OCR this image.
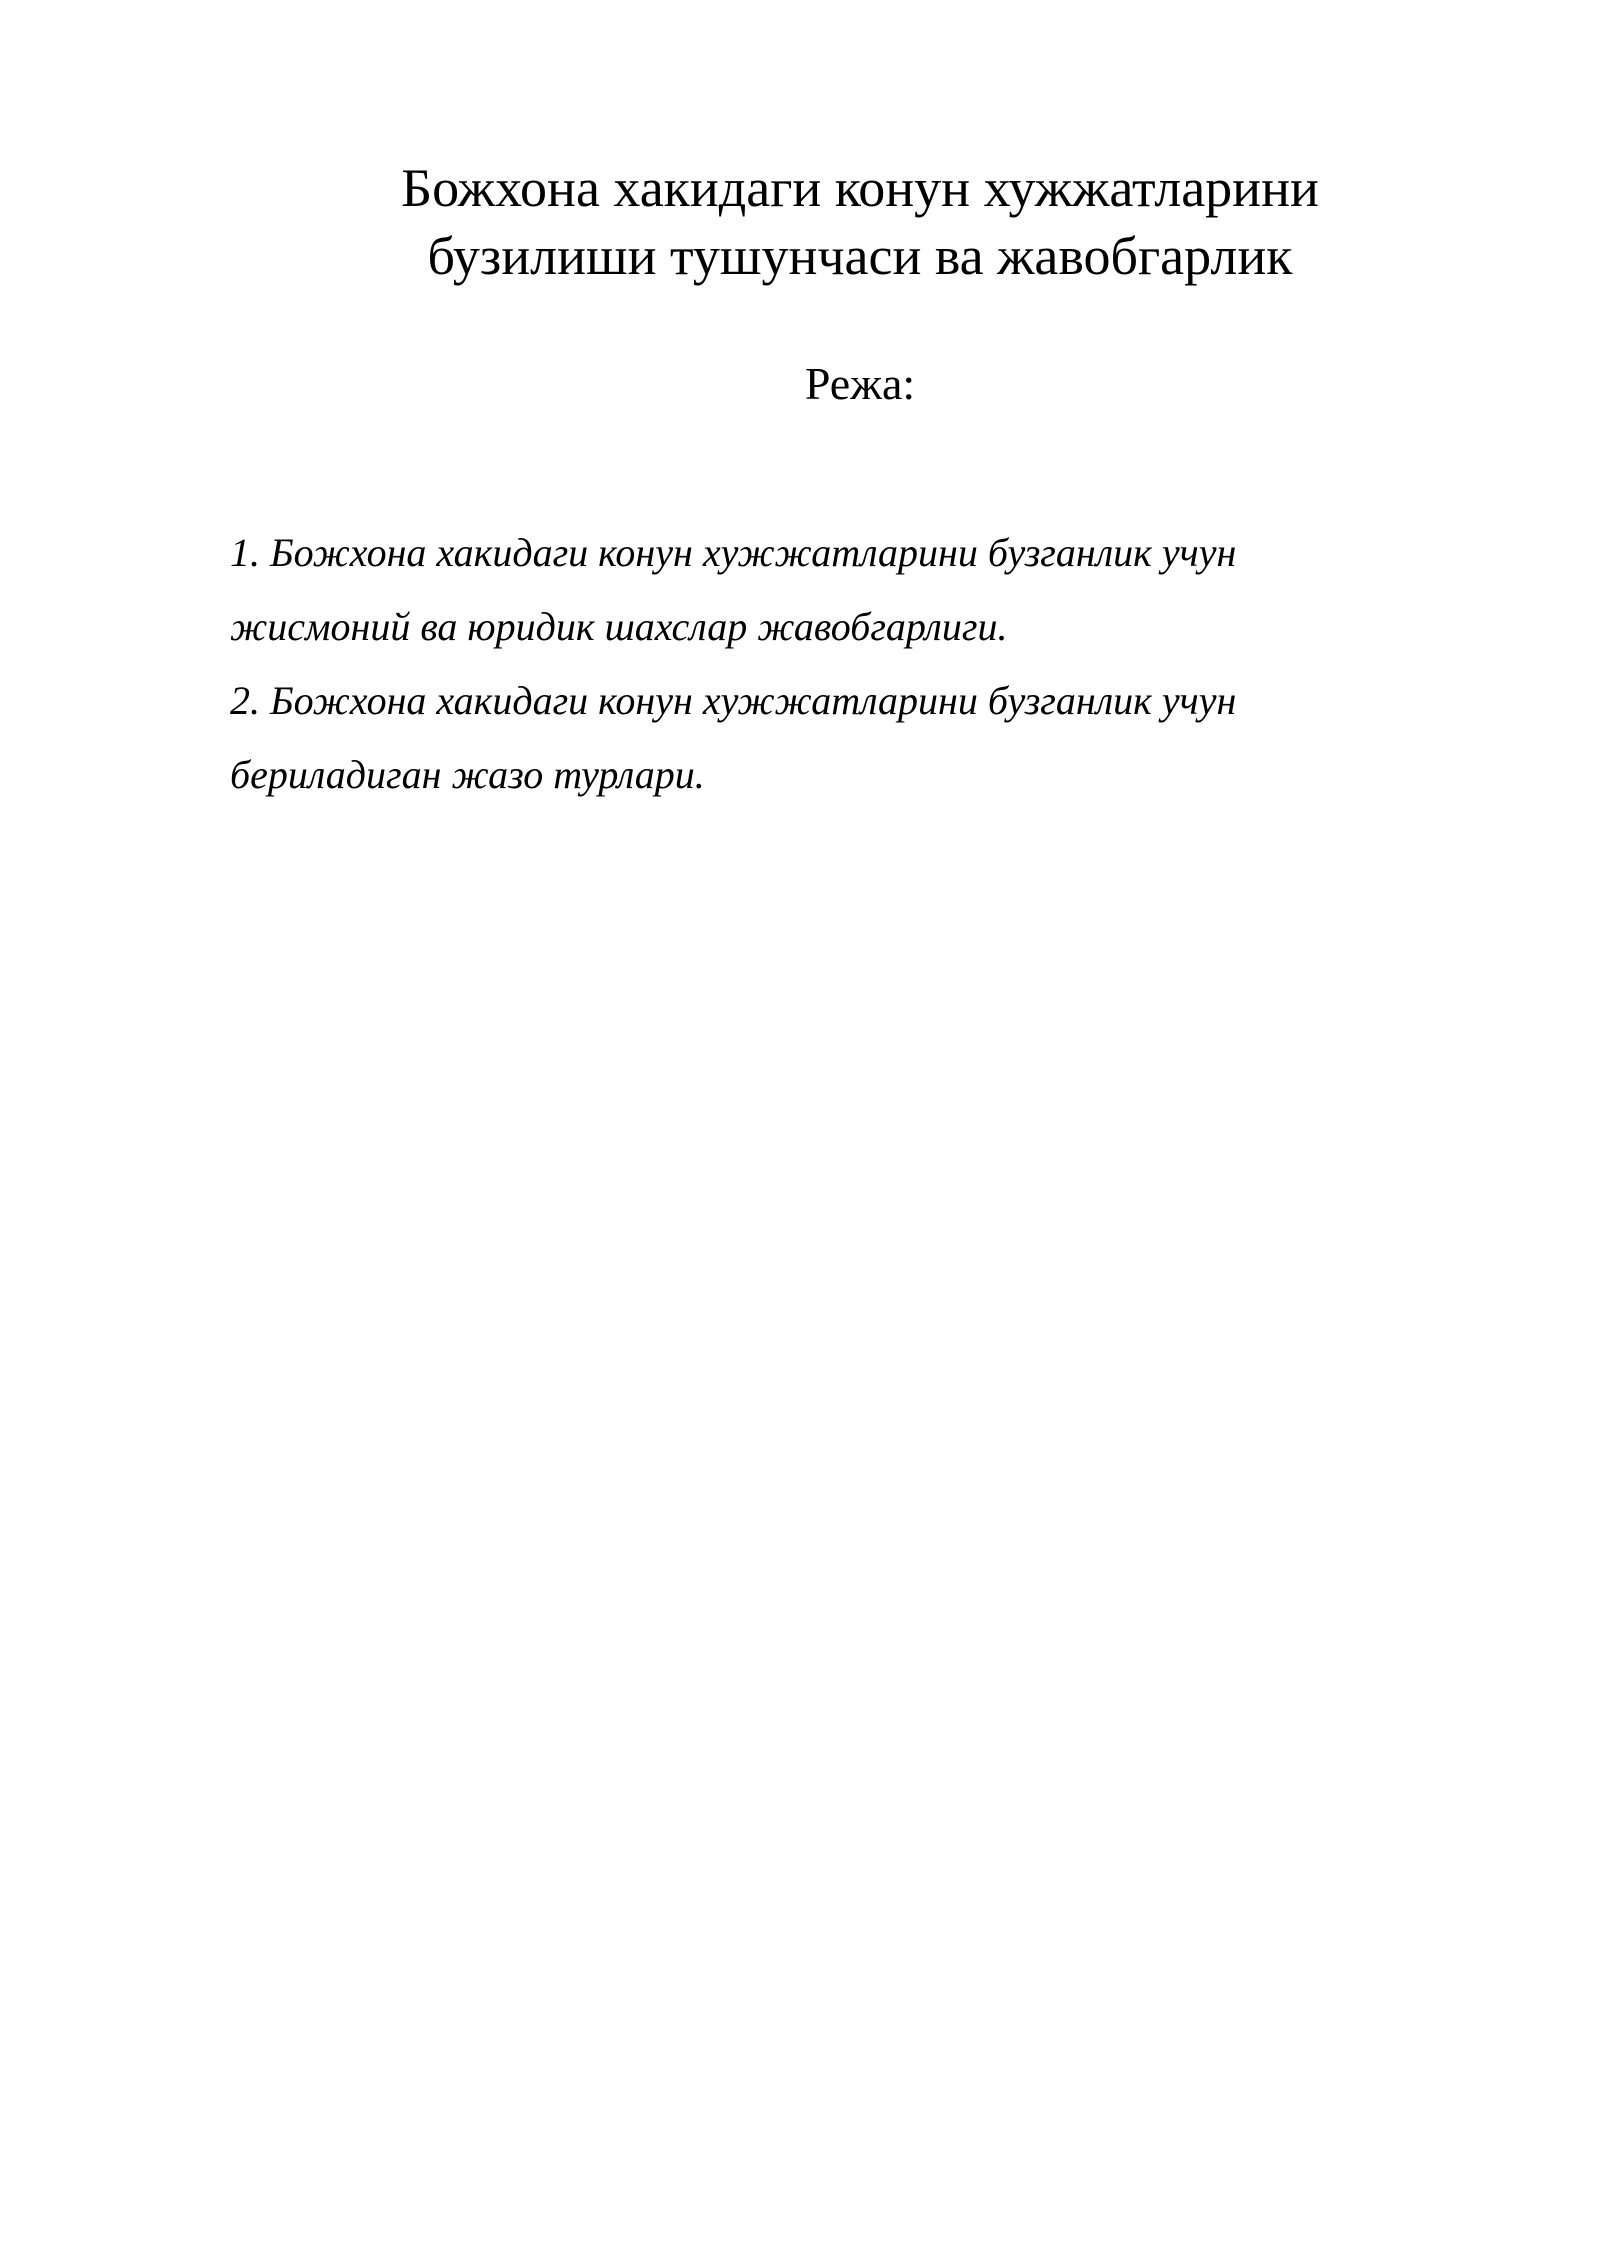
Божхона хакидаги конун хужжатларини
бузилиши тушунчаси ва жавобгарлик

Режа:

1. Божхона хакидаги конун хужжатларини бузганлик учун
жисмоний ва юридик шахслар жавобгарлиги.
2. Божхона хакидаги конун хужжатларини бузганлик учун
бериладиган жазо турлари.
